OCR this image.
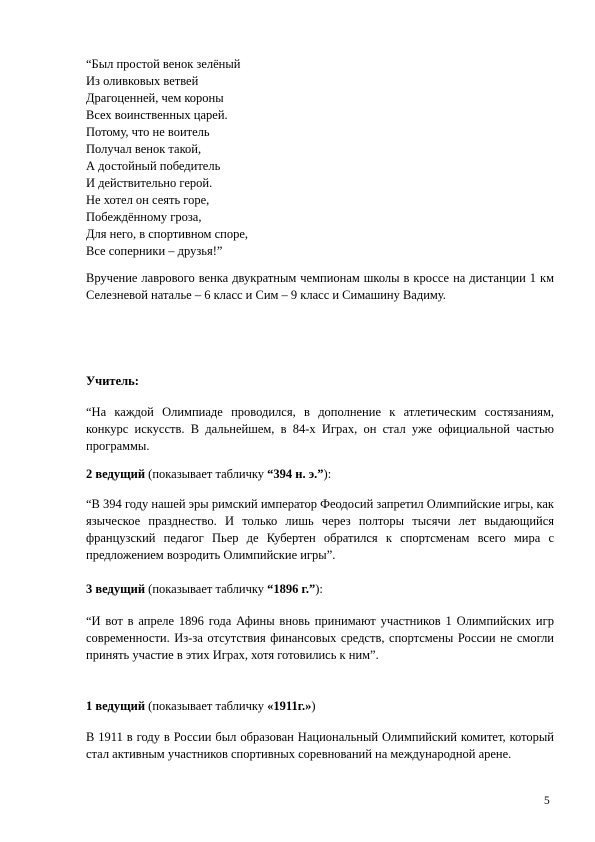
“Был простой венок зелёный
Из оливковых ветвей
Драгоценней, чем короны
Всех воинственных царей.
Потому, что не воитель
Получал венок такой,
А достойный победитель
И действительно герой.
Не хотел он сеять горе,
Побеждённому гроза,
Для него, в спортивном споре,
Все соперники – друзья!”
Вручение лаврового венка двукратным чемпионам школы в кроссе на дистанции 1 км Селезневой наталье – 6 класс и Сим – 9 класс и Симашину Вадиму.
Учитель:
“На каждой Олимпиаде проводился, в дополнение к атлетическим состязаниям, конкурс искусств. В дальнейшем, в 84-х Играх, он стал уже официальной частью программы.
2 ведущий (показывает табличку “394 н. э.”):
“В 394 году нашей эры римский император Феодосий запретил Олимпийские игры, как языческое празднество. И только лишь через полторы тысячи лет выдающийся французский педагог Пьер де Кубертен обратился к спортсменам всего мира с предложением возродить Олимпийские игры”.
3 ведущий (показывает табличку “1896 г.”):
“И вот в апреле 1896 года Афины вновь принимают участников 1 Олимпийских игр современности. Из-за отсутствия финансовых средств, спортсмены России не смогли принять участие в этих Играх, хотя готовились к ним”.
1 ведущий (показывает табличку «1911г.»)
В 1911 в году в России был образован Национальный Олимпийский комитет, который стал активным участников спортивных соревнований на международной арене.
5
